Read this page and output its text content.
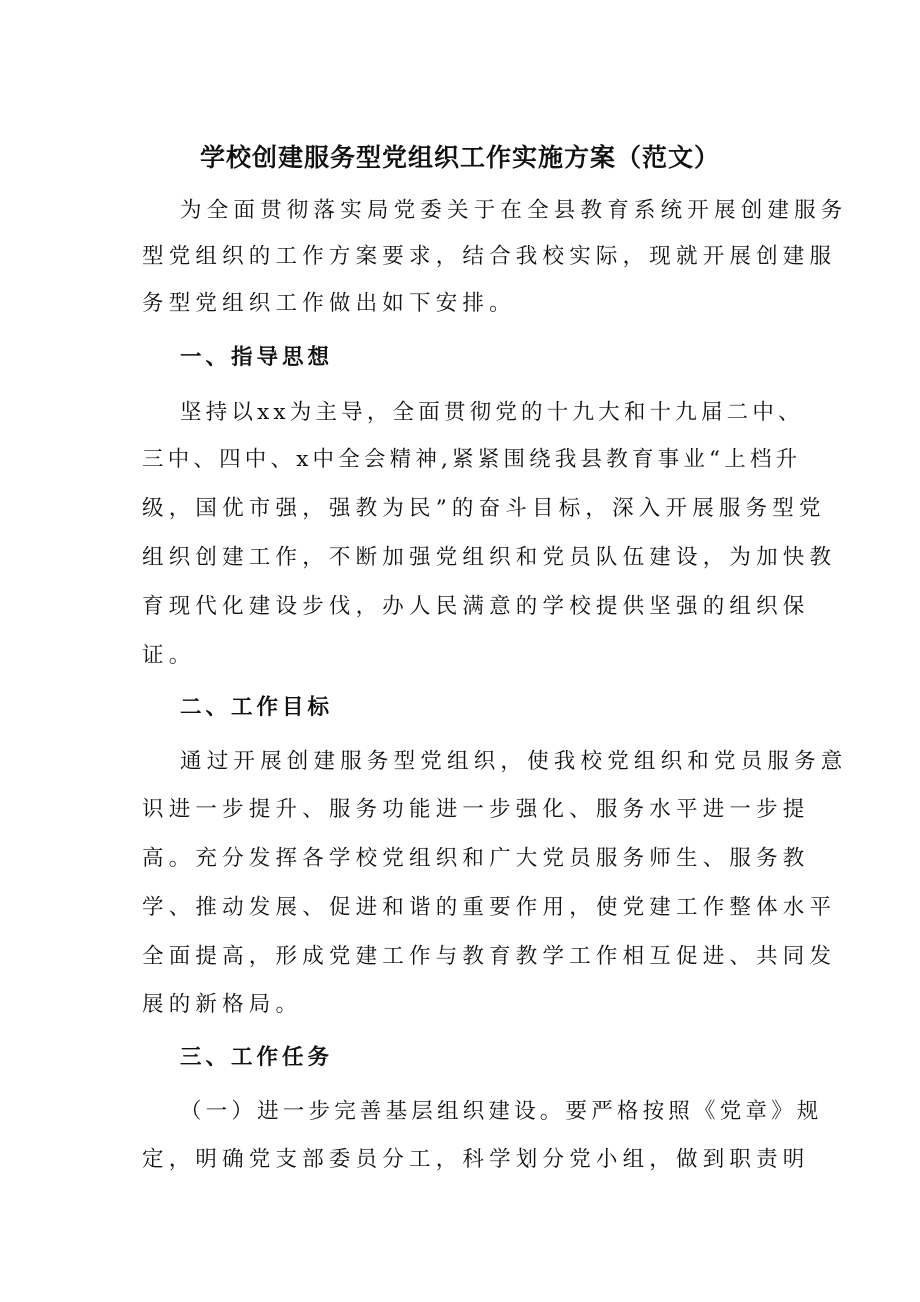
学校创建服务型党组织工作实施方案（范文）
为全面贯彻落实局党委关于在全县教育系统开展创建服务
型党组织的工作方案要求，结合我校实际，现就开展创建服
务型党组织工作做出如下安排。
一、指导思想
坚持以xx为主导，全面贯彻党的十九大和十九届二中、
三中、四中、x中全会精神,紧紧围绕我县教育事业“上档升
级，国优市强，强教为民”的奋斗目标，深入开展服务型党
组织创建工作，不断加强党组织和党员队伍建设，为加快教
育现代化建设步伐，办人民满意的学校提供坚强的组织保
证。
二、工作目标
通过开展创建服务型党组织，使我校党组织和党员服务意
识进一步提升、服务功能进一步强化、服务水平进一步提
高。充分发挥各学校党组织和广大党员服务师生、服务教
学、推动发展、促进和谐的重要作用，使党建工作整体水平
全面提高，形成党建工作与教育教学工作相互促进、共同发
展的新格局。
三、工作任务
（一）进一步完善基层组织建设。要严格按照《党章》规
定，明确党支部委员分工，科学划分党小组，做到职责明
